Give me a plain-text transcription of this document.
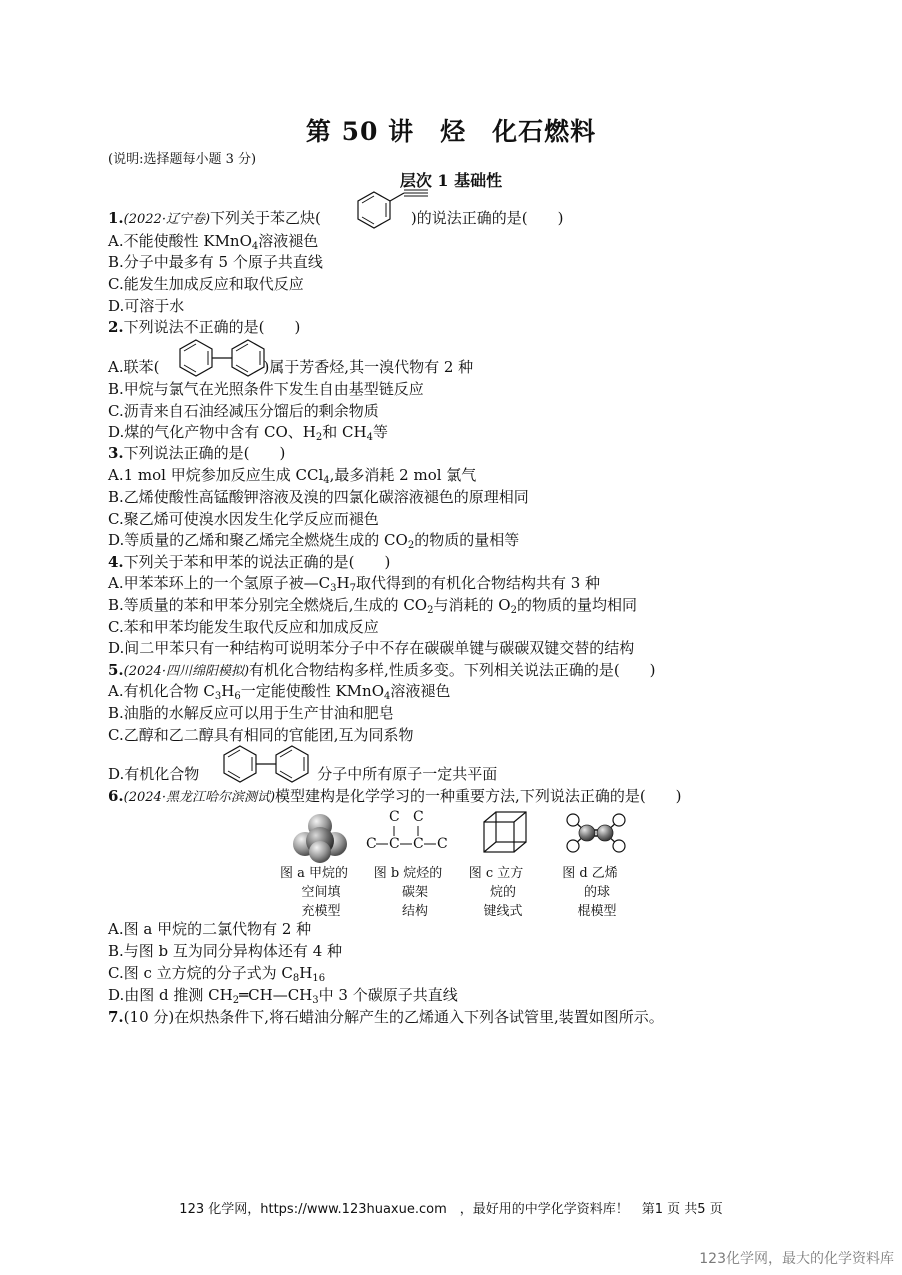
第 50 讲　烃　化石燃料
(说明:选择题每小题 3 分)
层次 1 基础性
1.(2022·辽宁卷)下列关于苯乙炔(	)的说法正确的是(　　)
A.不能使酸性 KMnO$_4$溶液褪色
B.分子中最多有 5 个原子共直线
C.能发生加成反应和取代反应
D.可溶于水
2.下列说法不正确的是(　　)
A.联苯(	)属于芳香烃,其一溴代物有 2 种
B.甲烷与氯气在光照条件下发生自由基型链反应
C.沥青来自石油经减压分馏后的剩余物质
D.煤的气化产物中含有 CO、$H_2$和 $CH_4$等
3.下列说法正确的是(　　)
A.1 mol 甲烷参加反应生成 CCl$_4$,最多消耗 2 mol 氯气
B.乙烯使酸性高锰酸钾溶液及溴的四氯化碳溶液褪色的原理相同
C.聚乙烯可使溴水因发生化学反应而褪色
D.等质量的乙烯和聚乙烯完全燃烧生成的 $CO_2$的物质的量相等
4.下列关于苯和甲苯的说法正确的是(　　)
A.甲苯苯环上的一个氢原子被$—C_3H_7$取代得到的有机化合物结构共有 3 种
B.等质量的苯和甲苯分别完全燃烧后,生成的 $CO_2$与消耗的 $O_2$的物质的量均相同
C.苯和甲苯均能发生取代反应和加成反应
D.间二甲苯只有一种结构可说明苯分子中不存在碳碳单键与碳碳双键交替的结构
5.(2024·四川绵阳模拟)有机化合物结构多样,性质多变。下列相关说法正确的是(　　)
A.有机化合物 $C_3H_6$一定能使酸性 KMnO$_4$溶液褪色
B.油脂的水解反应可以用于生产甘油和肥皂
C.乙醇和乙二醇具有相同的官能团,互为同系物
D.有机化合物	分子中所有原子一定共平面
6.(2024·黑龙江哈尔滨测试)模型建构是化学学习的一种重要方法,下列说法正确的是(　　)
C C
C C C C
图 a 甲烷的
空间填
充模型
图 b 烷烃的
碳架
结构
图 c 立方
烷的
键线式
图 d 乙烯
的球
棍模型
A.图 a 甲烷的二氯代物有 2 种
B.与图 b 互为同分异构体还有 4 种
C.图 c 立方烷的分子式为 $C_8H_{16}$
D.由图 d 推测 $CH_2═CH—CH_3$中 3 个碳原子共直线
7.(10 分)在炽热条件下,将石蜡油分解产生的乙烯通入下列各试管里,装置如图所示。
123 化学网，https://www.123huaxue.com　，最好用的中学化学资料库！　第1 页 共5 页
123化学网，最大的化学资料库
